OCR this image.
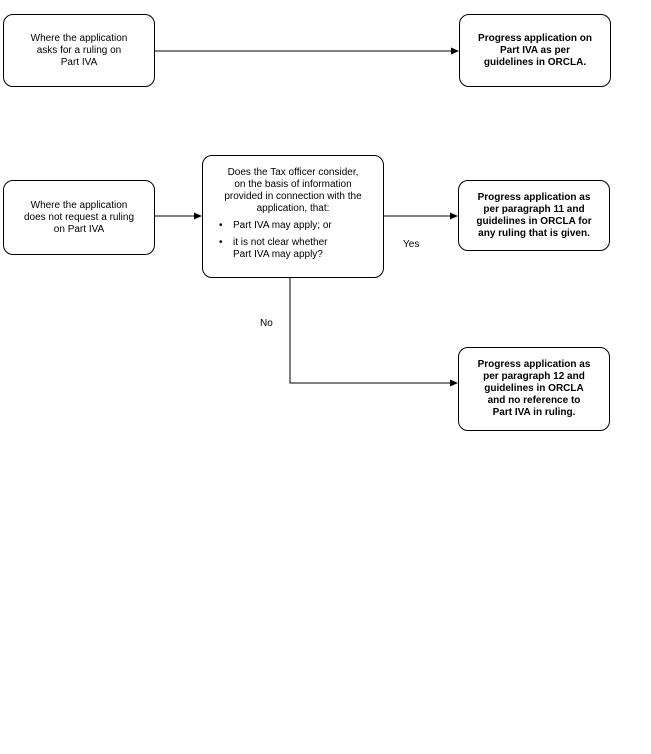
Where the application
asks for a ruling on
Part IVA
Progress application on
Part IVA as per
guidelines in ORCLA.
Where the application
does not request a ruling
on Part IVA
Does the Tax officer consider,
on the basis of information
provided in connection with the
application, that:
• Part IVA may apply; or
• it is not clear whether
Part IVA may apply?
Progress application as
per paragraph 11 and
guidelines in ORCLA for
any ruling that is given.
Progress application as
per paragraph 12 and
guidelines in ORCLA
and no reference to
Part IVA in ruling.
Yes
No
